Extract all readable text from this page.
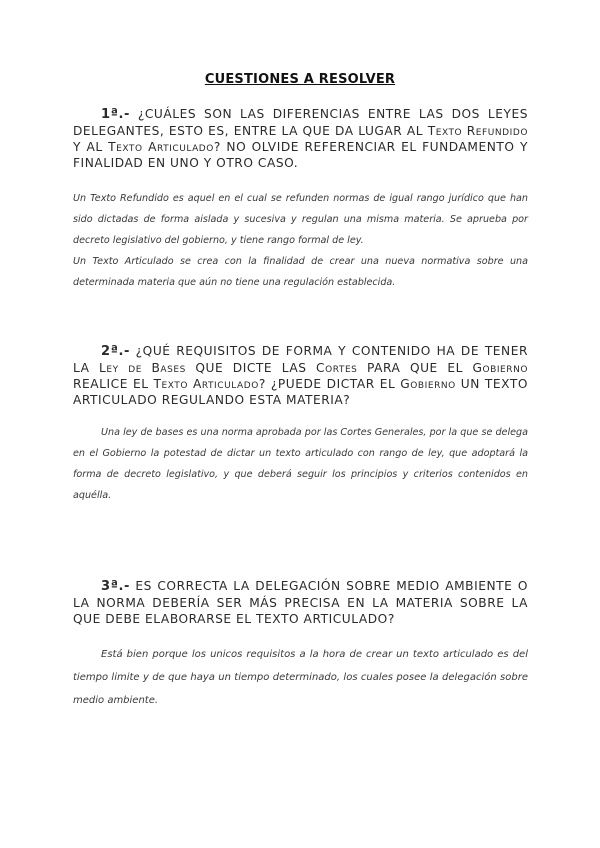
CUESTIONES A RESOLVER
1ª.- ¿CUÁLES SON LAS DIFERENCIAS ENTRE LAS DOS LEYES DELEGANTES, ESTO ES, ENTRE LA QUE DA LUGAR AL Texto Refundido Y AL Texto Articulado? NO OLVIDE REFERENCIAR EL FUNDAMENTO Y FINALIDAD EN UNO Y OTRO CASO.

Un Texto Refundido es aquel en el cual se refunden normas de igual rango jurídico que han sido dictadas de forma aislada y sucesiva y regulan una misma materia. Se aprueba por decreto legislativo del gobierno, y tiene rango formal de ley.

Un Texto Articulado se crea con la finalidad de crear una nueva normativa sobre una determinada materia que aún no tiene una regulación establecida.

2ª.- ¿QUÉ REQUISITOS DE FORMA Y CONTENIDO HA DE TENER LA Ley de Bases QUE DICTE LAS Cortes PARA QUE EL Gobierno REALICE EL Texto Articulado? ¿PUEDE DICTAR EL Gobierno UN TEXTO ARTICULADO REGULANDO ESTA MATERIA?

Una ley de bases es una norma aprobada por las Cortes Generales, por la que se delega en el Gobierno la potestad de dictar un texto articulado con rango de ley, que adoptará la forma de decreto legislativo, y que deberá seguir los principios y criterios contenidos en aquélla.

3ª.- ES CORRECTA LA DELEGACIÓN SOBRE MEDIO AMBIENTE O LA NORMA DEBERÍA SER MÁS PRECISA EN LA MATERIA SOBRE LA QUE DEBE ELABORARSE EL TEXTO ARTICULADO?

Está bien porque los unicos requisitos a la hora de crear un texto articulado es del tiempo limite y de que haya un tiempo determinado, los cuales posee la delegación sobre medio ambiente.
